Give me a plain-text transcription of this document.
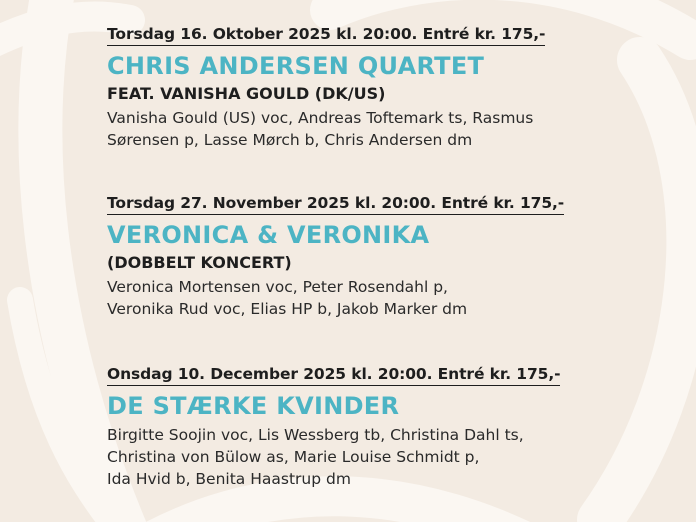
Torsdag 16. Oktober 2025 kl. 20:00. Entré kr. 175,-
CHRIS ANDERSEN QUARTET
FEAT. VANISHA GOULD (DK/US)
Vanisha Gould (US) voc, Andreas Toftemark ts, Rasmus
Sørensen p, Lasse Mørch b, Chris Andersen dm
Torsdag 27. November 2025 kl. 20:00. Entré kr. 175,-
VERONICA & VERONIKA
(DOBBELT KONCERT)
Veronica Mortensen voc, Peter Rosendahl p,
Veronika Rud voc, Elias HP b, Jakob Marker dm
Onsdag 10. December 2025 kl. 20:00. Entré kr. 175,-
DE STÆRKE KVINDER
Birgitte Soojin voc, Lis Wessberg tb, Christina Dahl ts,
Christina von Bülow as, Marie Louise Schmidt p,
Ida Hvid b, Benita Haastrup dm
